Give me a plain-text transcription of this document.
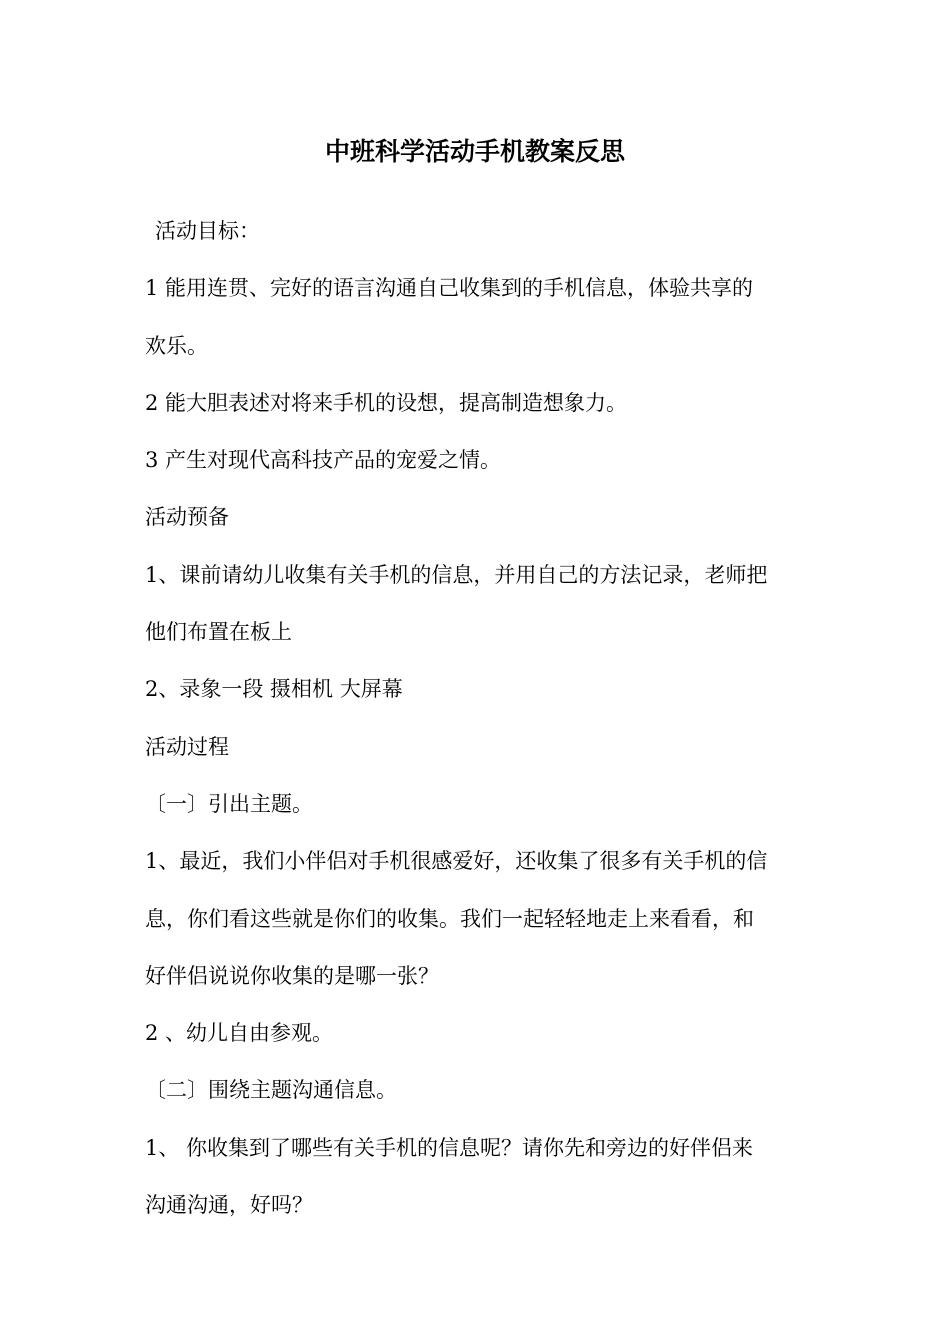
中班科学活动手机教案反思
活动目标：
1 能用连贯、完好的语言沟通自己收集到的手机信息，体验共享的
欢乐。
2 能大胆表述对将来手机的设想，提高制造想象力。
3 产生对现代高科技产品的宠爱之情。
活动预备
1、课前请幼儿收集有关手机的信息，并用自己的方法记录，老师把
他们布置在板上
2、录象一段 摄相机 大屏幕
活动过程
〔一〕引出主题。
1、最近，我们小伴侣对手机很感爱好，还收集了很多有关手机的信
息，你们看这些就是你们的收集。我们一起轻轻地走上来看看，和
好伴侣说说你收集的是哪一张？
2 、幼儿自由参观。
〔二〕围绕主题沟通信息。
1、 你收集到了哪些有关手机的信息呢？请你先和旁边的好伴侣来
沟通沟通，好吗？
